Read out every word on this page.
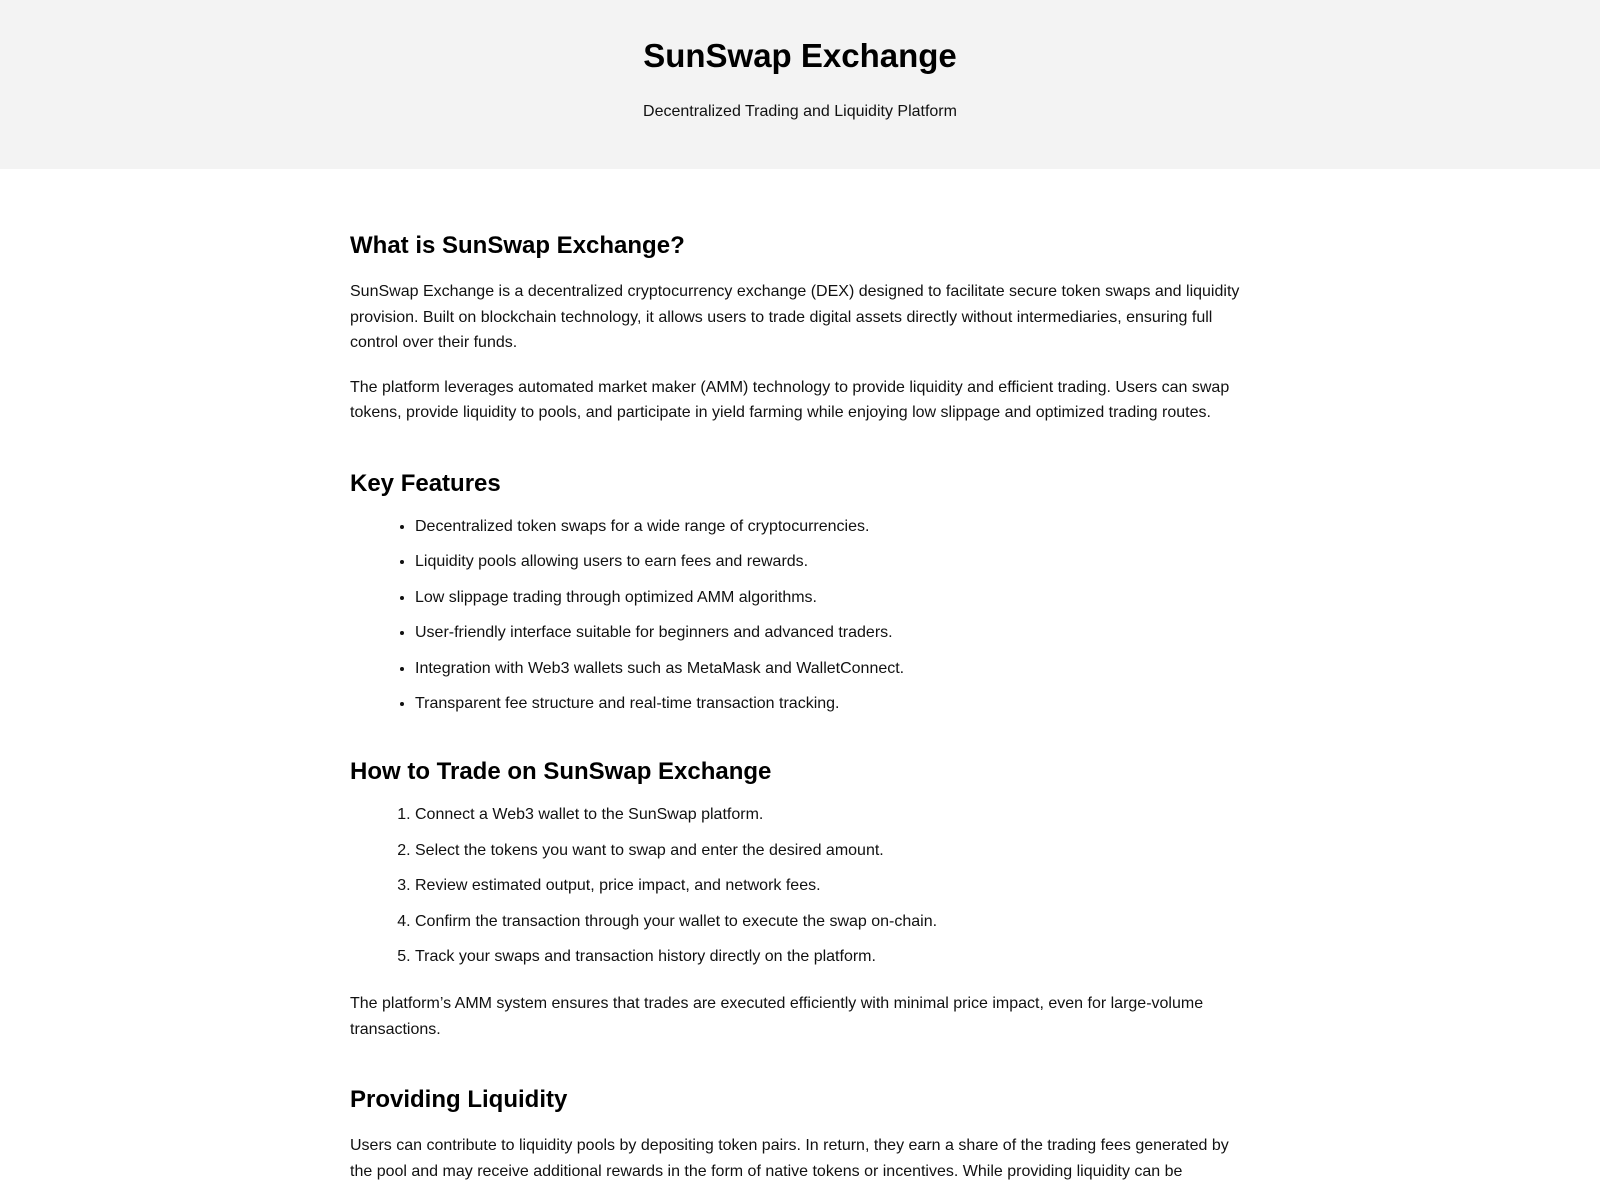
SunSwap Exchange

Decentralized Trading and Liquidity Platform

What is SunSwap Exchange?

SunSwap Exchange is a decentralized cryptocurrency exchange (DEX) designed to facilitate secure token swaps and liquidity provision. Built on blockchain technology, it allows users to trade digital assets directly without intermediaries, ensuring full control over their funds.

The platform leverages automated market maker (AMM) technology to provide liquidity and efficient trading. Users can swap tokens, provide liquidity to pools, and participate in yield farming while enjoying low slippage and optimized trading routes.

Key Features
• Decentralized token swaps for a wide range of cryptocurrencies.
• Liquidity pools allowing users to earn fees and rewards.
• Low slippage trading through optimized AMM algorithms.
• User-friendly interface suitable for beginners and advanced traders.
• Integration with Web3 wallets such as MetaMask and WalletConnect.
• Transparent fee structure and real-time transaction tracking.
How to Trade on SunSwap Exchange
1. Connect a Web3 wallet to the SunSwap platform.
2. Select the tokens you want to swap and enter the desired amount.
3. Review estimated output, price impact, and network fees.
4. Confirm the transaction through your wallet to execute the swap on-chain.
5. Track your swaps and transaction history directly on the platform.

The platform’s AMM system ensures that trades are executed efficiently with minimal price impact, even for large-volume transactions.

Providing Liquidity

Users can contribute to liquidity pools by depositing token pairs. In return, they earn a share of the trading fees generated by the pool and may receive additional rewards in the form of native tokens or incentives. While providing liquidity can be
